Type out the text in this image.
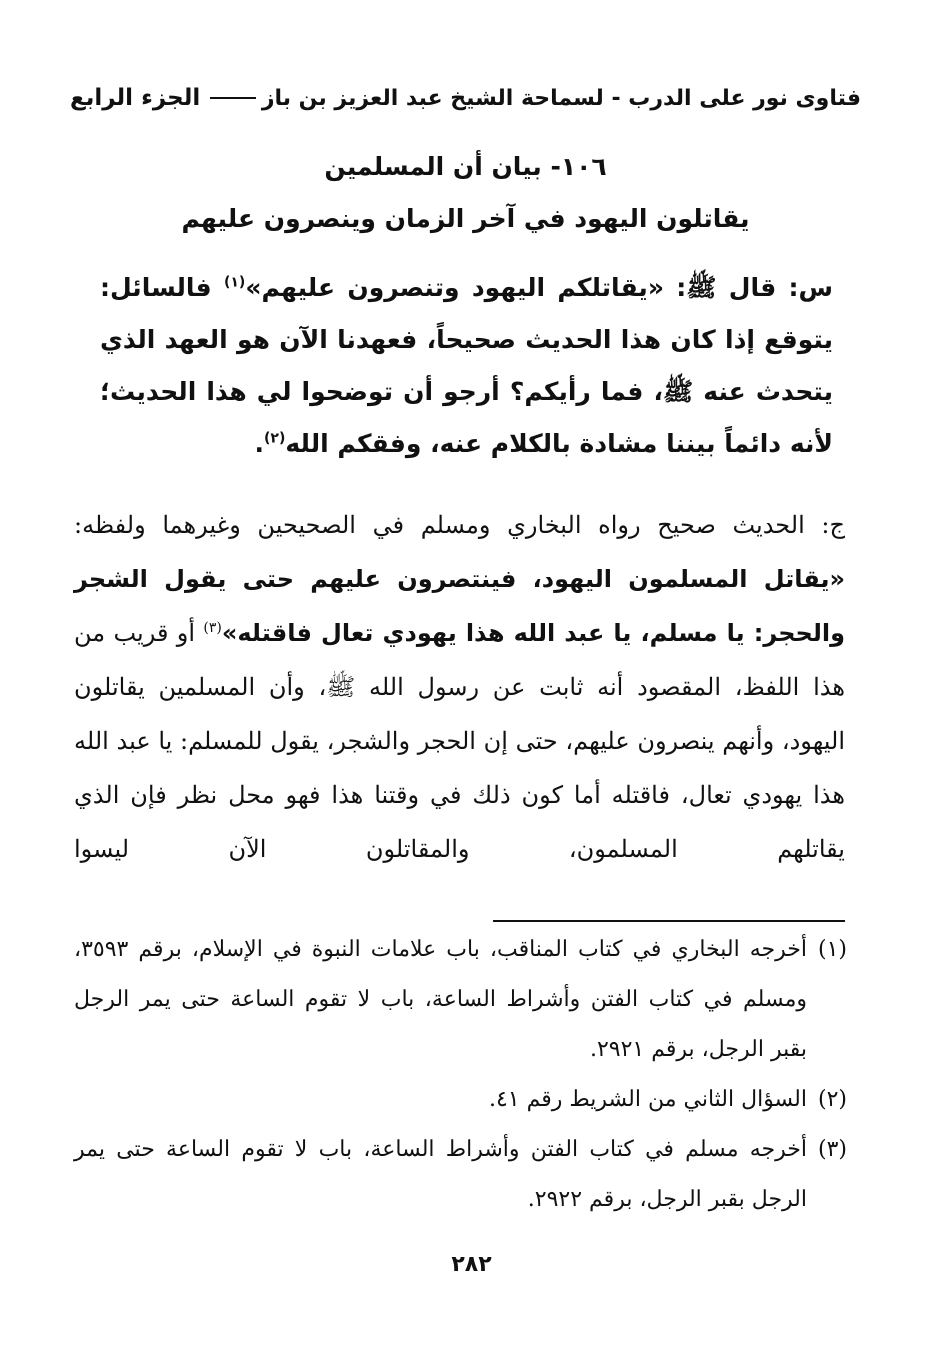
فتاوى نور على الدرب - لسماحة الشيخ عبد العزيز بن باز
الجزء الرابع
١٠٦- بيان أن المسلمين
يقاتلون اليهود في آخر الزمان وينصرون عليهم
س: قال ﷺ: «يقاتلكم اليهود وتنصرون عليهم»$^{(١)}$ فالسائل: يتوقع إذا كان هذا الحديث صحيحاً، فعهدنا الآن هو العهد الذي يتحدث عنه ﷺ، فما رأيكم؟ أرجو أن توضحوا لي هذا الحديث؛ لأنه دائماً بيننا مشادة بالكلام عنه، وفقكم الله$^{(٢)}$.
ج: الحديث صحيح رواه البخاري ومسلم في الصحيحين وغيرهما ولفظه: «يقاتل المسلمون اليهود، فينتصرون عليهم حتى يقول الشجر والحجر: يا مسلم، يا عبد الله هذا يهودي تعال فاقتله»$^{(٣)}$ أو قريب من هذا اللفظ، المقصود أنه ثابت عن رسول الله ﷺ، وأن المسلمين يقاتلون اليهود، وأنهم ينصرون عليهم، حتى إن الحجر والشجر، يقول للمسلم: يا عبد الله هذا يهودي تعال، فاقتله أما كون ذلك في وقتنا هذا فهو محل نظر فإن الذي يقاتلهم المسلمون، والمقاتلون الآن ليسوا
(١)
أخرجه البخاري في كتاب المناقب، باب علامات النبوة في الإسلام، برقم ٣٥٩٣، ومسلم في كتاب الفتن وأشراط الساعة، باب لا تقوم الساعة حتى يمر الرجل بقبر الرجل، برقم ٢٩٢١.
(٢)
السؤال الثاني من الشريط رقم ٤١.
(٣)
أخرجه مسلم في كتاب الفتن وأشراط الساعة، باب لا تقوم الساعة حتى يمر الرجل بقبر الرجل، برقم ٢٩٢٢.
٢٨٢
